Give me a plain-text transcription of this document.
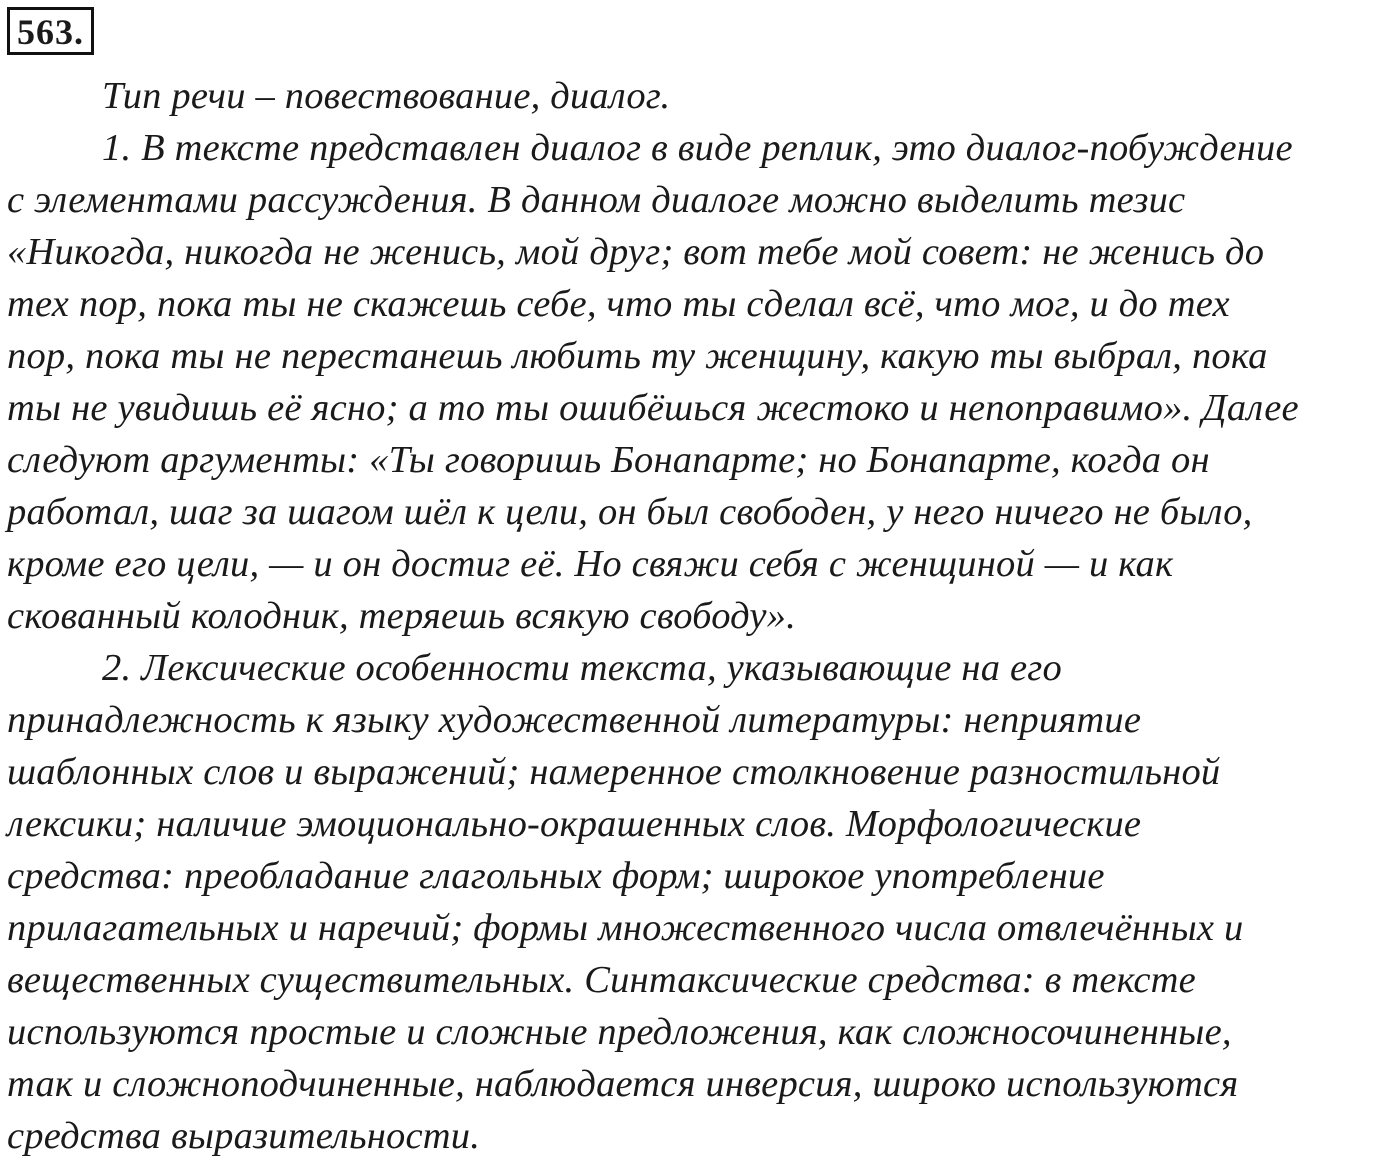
563.
Тип речи – повествование, диалог.
1. В тексте представлен диалог в виде реплик, это диалог-побуждение
с элементами рассуждения. В данном диалоге можно выделить тезис
«Никогда, никогда не женись, мой друг; вот тебе мой совет: не женись до
тех пор, пока ты не скажешь себе, что ты сделал всё, что мог, и до тех
пор, пока ты не перестанешь любить ту женщину, какую ты выбрал, пока
ты не увидишь её ясно; а то ты ошибёшься жестоко и непоправимо». Далее
следуют аргументы: «Ты говоришь Бонапарте; но Бонапарте, когда он
работал, шаг за шагом шёл к цели, он был свободен, у него ничего не было,
кроме его цели, — и он достиг её. Но свяжи себя с женщиной — и как
скованный колодник, теряешь всякую свободу».
2. Лексические особенности текста, указывающие на его
принадлежность к языку художественной литературы: неприятие
шаблонных слов и выражений; намеренное столкновение разностильной
лексики; наличие эмоционально-окрашенных слов. Морфологические
средства: преобладание глагольных форм; широкое употребление
прилагательных и наречий; формы множественного числа отвлечённых и
вещественных существительных. Синтаксические средства: в тексте
используются простые и сложные предложения, как сложносочиненные,
так и сложноподчиненные, наблюдается инверсия, широко используются
средства выразительности.
